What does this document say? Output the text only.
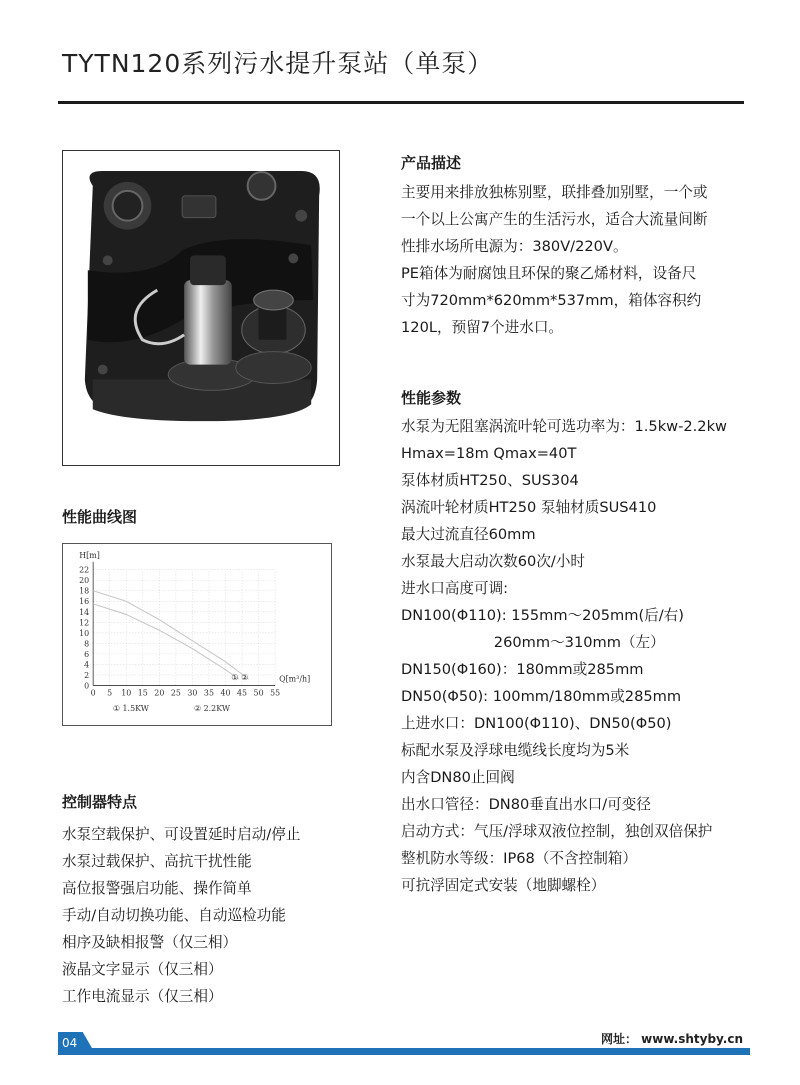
TYTN120系列污水提升泵站（单泵）
产品描述
主要用来排放独栋别墅，联排叠加别墅，一个或
一个以上公寓产生的生活污水，适合大流量间断
性排水场所电源为：380V/220V。
PE箱体为耐腐蚀且环保的聚乙烯材料，设备尺
寸为720mm*620mm*537mm，箱体容积约
120L，预留7个进水口。
性能参数
水泵为无阻塞涡流叶轮可选功率为：1.5kw-2.2kw
Hmax=18m Qmax=40T
泵体材质HT250、SUS304
涡流叶轮材质HT250 泵轴材质SUS410
最大过流直径60mm
水泵最大启动次数60次/小时
进水口高度可调:
DN100(Φ110): 155mm～205mm(后/右)
260mm～310mm（左）
DN150(Φ160)：180mm或285mm
DN50(Φ50): 100mm/180mm或285mm
上进水口：DN100(Φ110)、DN50(Φ50)
标配水泵及浮球电缆线长度均为5米
内含DN80止回阀
出水口管径：DN80垂直出水口/可变径
启动方式：气压/浮球双液位控制，独创双倍保护
整机防水等级：IP68（不含控制箱）
可抗浮固定式安装（地脚螺栓）
性能曲线图
0 5 10 15 20 25 30 35 40 45 50 55
0
2
4
6
8
10
12
14
16
18
20
22
Q[m³/h]
H[m]
① ②
① 1.5KW	② 2.2KW
控制器特点
水泵空载保护、可设置延时启动/停止
水泵过载保护、高抗干扰性能
高位报警强启功能、操作简单
手动/自动切换功能、自动巡检功能
相序及缺相报警（仅三相）
液晶文字显示（仅三相）
工作电流显示（仅三相）
04	网址： www.shtyby.cn
